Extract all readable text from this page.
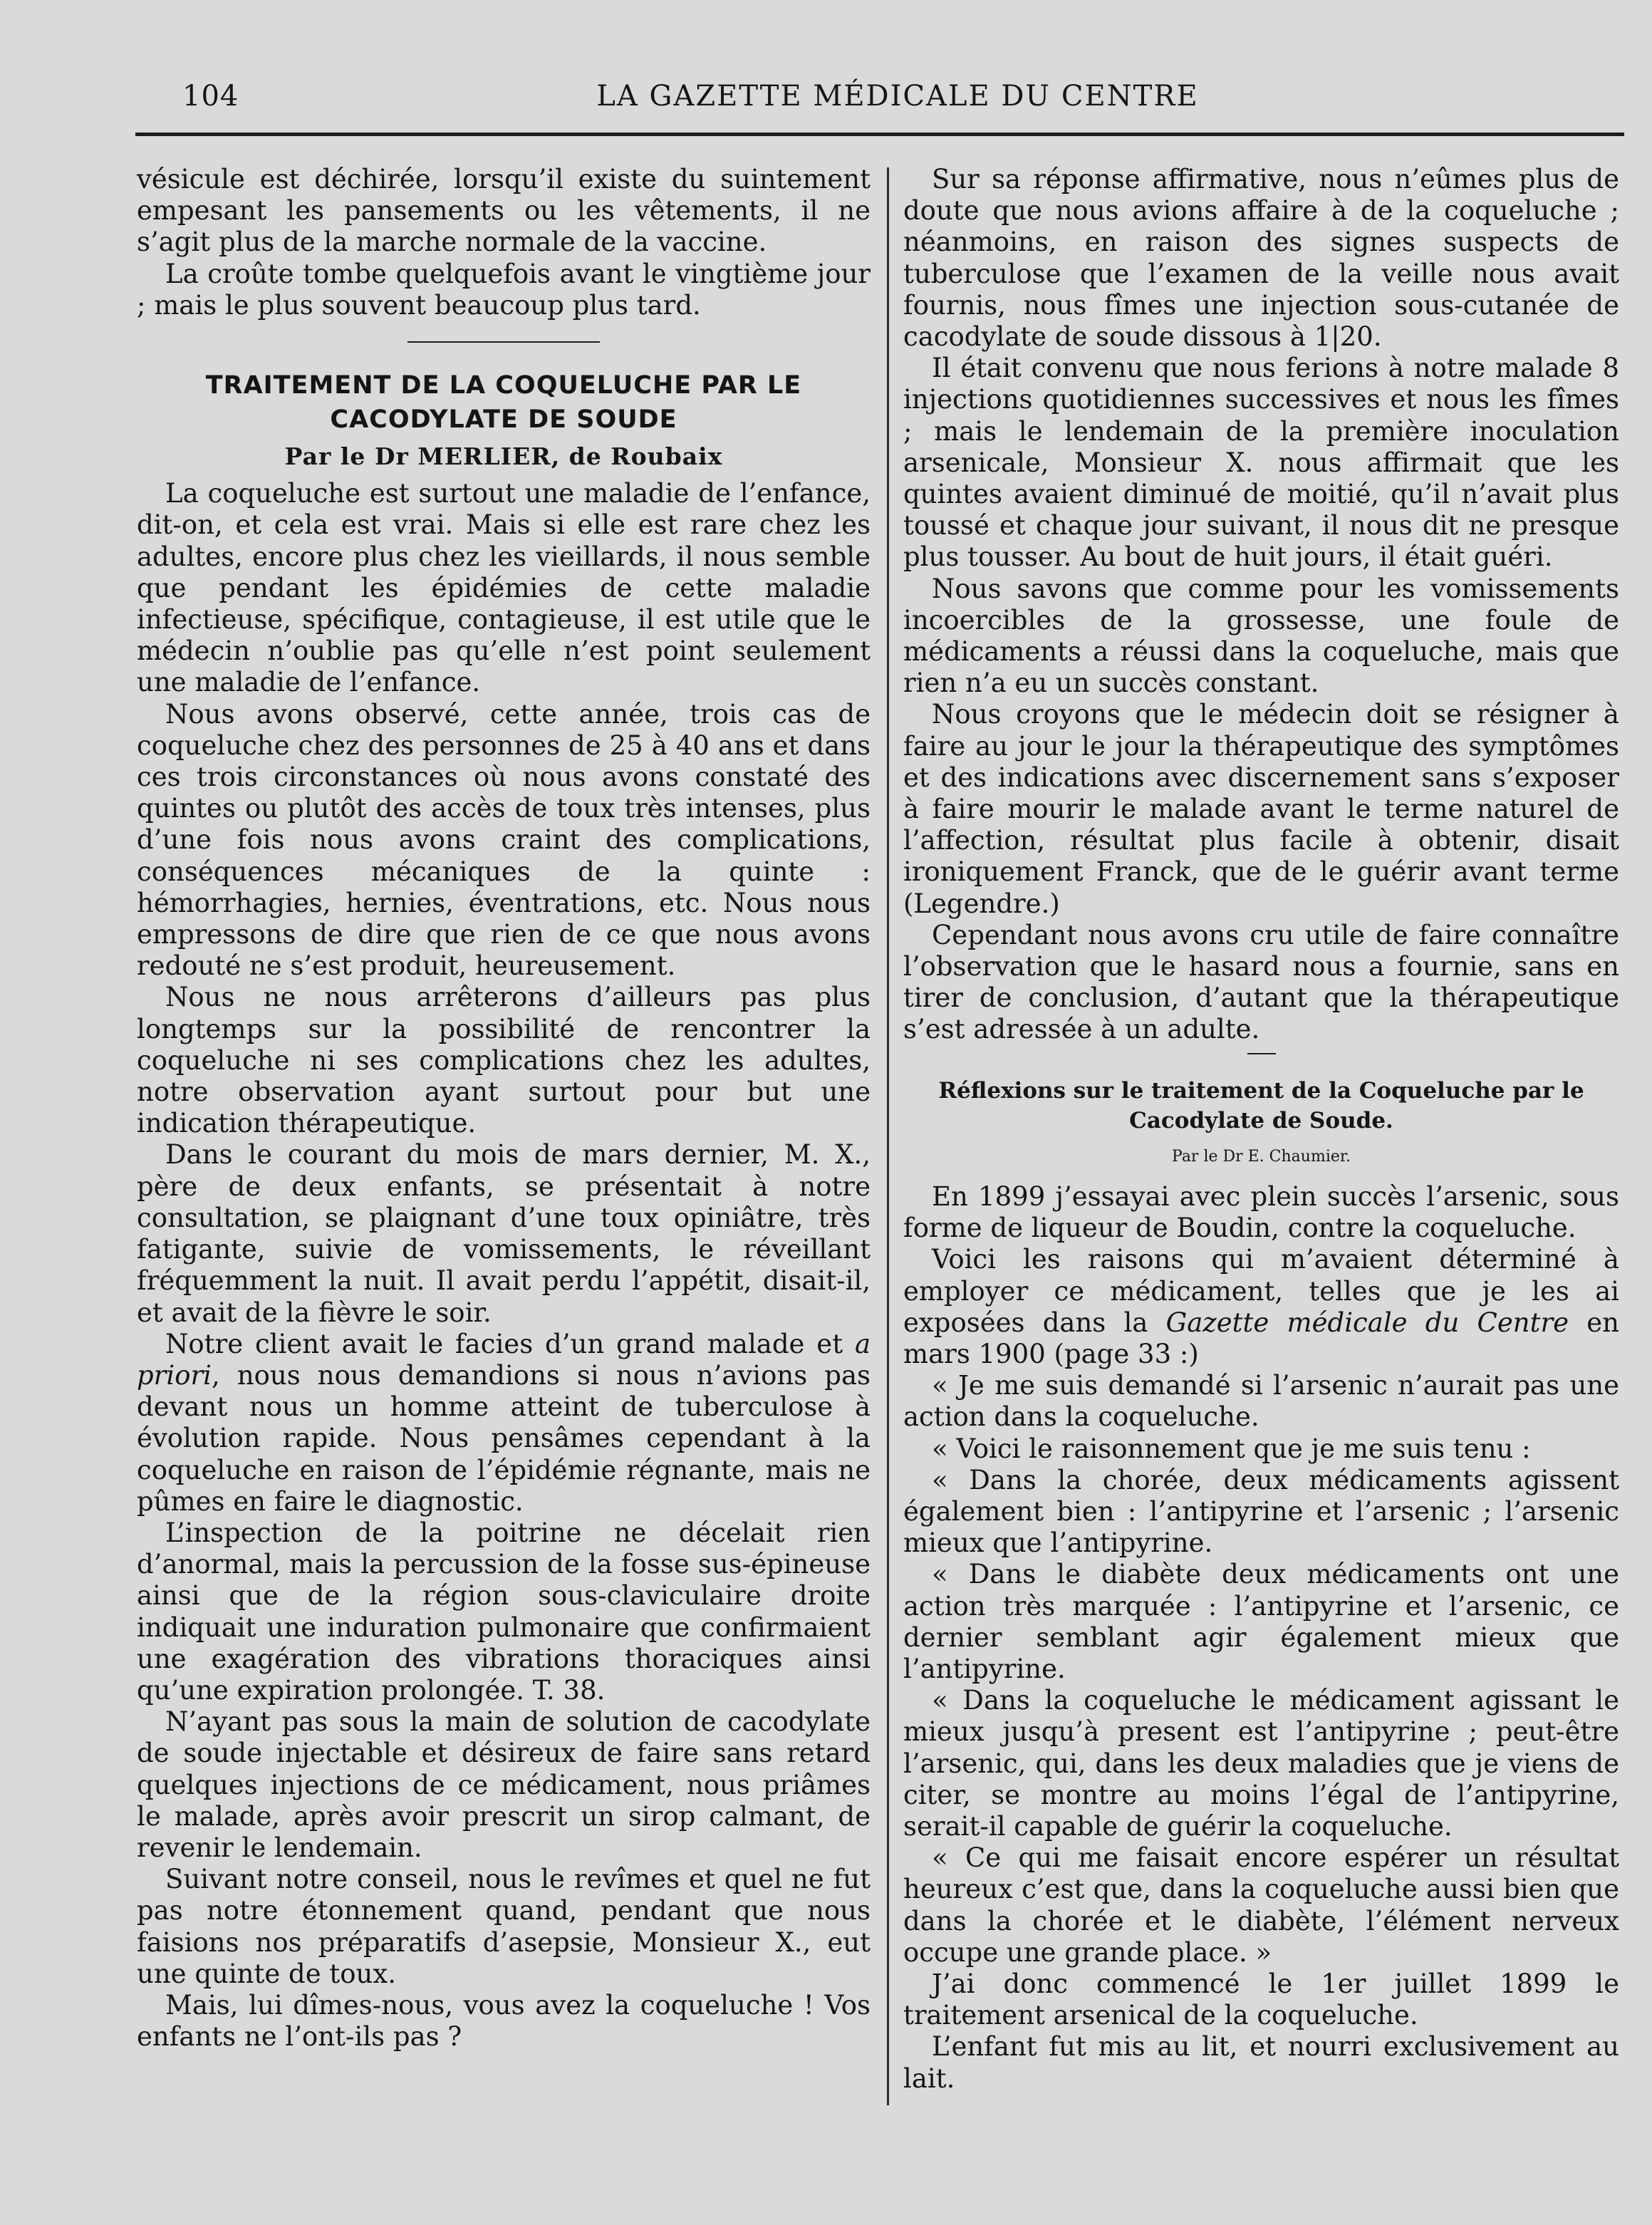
104	LA GAZETTE MÉDICALE DU CENTRE

vésicule est déchirée, lorsqu’il existe du suintement empesant les pansements ou les vêtements, il ne s’agit plus de la marche normale de la vaccine.

La croûte tombe quelquefois avant le vingtième jour ; mais le plus souvent beaucoup plus tard.

TRAITEMENT DE LA COQUELUCHE PAR LE CACODYLATE DE SOUDE
Par le Dr MERLIER, de Roubaix

La coqueluche est surtout une maladie de l’enfance, dit-on, et cela est vrai. Mais si elle est rare chez les adultes, encore plus chez les vieillards, il nous semble que pendant les épidémies de cette maladie infectieuse, spécifique, contagieuse, il est utile que le médecin n’oublie pas qu’elle n’est point seulement une maladie de l’enfance.

Nous avons observé, cette année, trois cas de coqueluche chez des personnes de 25 à 40 ans et dans ces trois circonstances où nous avons constaté des quintes ou plutôt des accès de toux très intenses, plus d’une fois nous avons craint des complications, conséquences mécaniques de la quinte : hémorrhagies, hernies, éventrations, etc. Nous nous empressons de dire que rien de ce que nous avons redouté ne s’est produit, heureusement.

Nous ne nous arrêterons d’ailleurs pas plus longtemps sur la possibilité de rencontrer la coqueluche ni ses complications chez les adultes, notre observation ayant surtout pour but une indication thérapeutique.

Dans le courant du mois de mars dernier, M. X., père de deux enfants, se présentait à notre consultation, se plaignant d’une toux opiniâtre, très fatigante, suivie de vomissements, le réveillant fréquemment la nuit. Il avait perdu l’appétit, disait-il, et avait de la fièvre le soir.

Notre client avait le facies d’un grand malade et a priori, nous nous demandions si nous n’avions pas devant nous un homme atteint de tuberculose à évolution rapide. Nous pensâmes cependant à la coqueluche en raison de l’épidémie régnante, mais ne pûmes en faire le diagnostic.

L’inspection de la poitrine ne décelait rien d’anormal, mais la percussion de la fosse sus-épineuse ainsi que de la région sous-claviculaire droite indiquait une induration pulmonaire que confirmaient une exagération des vibrations thoraciques ainsi qu’une expiration prolongée. T. 38.

N’ayant pas sous la main de solution de cacodylate de soude injectable et désireux de faire sans retard quelques injections de ce médicament, nous priâmes le malade, après avoir prescrit un sirop calmant, de revenir le lendemain.

Suivant notre conseil, nous le revîmes et quel ne fut pas notre étonnement quand, pendant que nous faisions nos préparatifs d’asepsie, Monsieur X., eut une quinte de toux.

Mais, lui dîmes-nous, vous avez la coqueluche ! Vos enfants ne l’ont-ils pas ?

Sur sa réponse affirmative, nous n’eûmes plus de doute que nous avions affaire à de la coqueluche ; néanmoins, en raison des signes suspects de tuberculose que l’examen de la veille nous avait fournis, nous fîmes une injection sous-cutanée de cacodylate de soude dissous à 1|20.

Il était convenu que nous ferions à notre malade 8 injections quotidiennes successives et nous les fîmes ; mais le lendemain de la première inoculation arsenicale, Monsieur X. nous affirmait que les quintes avaient diminué de moitié, qu’il n’avait plus toussé et chaque jour suivant, il nous dit ne presque plus tousser. Au bout de huit jours, il était guéri.

Nous savons que comme pour les vomissements incoercibles de la grossesse, une foule de médicaments a réussi dans la coqueluche, mais que rien n’a eu un succès constant.

Nous croyons que le médecin doit se résigner à faire au jour le jour la thérapeutique des symptômes et des indications avec discernement sans s’exposer à faire mourir le malade avant le terme naturel de l’affection, résultat plus facile à obtenir, disait ironiquement Franck, que de le guérir avant terme (Legendre.)

Cependant nous avons cru utile de faire connaître l’observation que le hasard nous a fournie, sans en tirer de conclusion, d’autant que la thérapeutique s’est adressée à un adulte.

Réflexions sur le traitement de la Coqueluche par le Cacodylate de Soude.
Par le Dr E. Chaumier.

En 1899 j’essayai avec plein succès l’arsenic, sous forme de liqueur de Boudin, contre la coqueluche.

Voici les raisons qui m’avaient déterminé à employer ce médicament, telles que je les ai exposées dans la Gazette médicale du Centre en mars 1900 (page 33 :)

« Je me suis demandé si l’arsenic n’aurait pas une action dans la coqueluche.

« Voici le raisonnement que je me suis tenu :

« Dans la chorée, deux médicaments agissent également bien : l’antipyrine et l’arsenic ; l’arsenic mieux que l’antipyrine.

« Dans le diabète deux médicaments ont une action très marquée : l’antipyrine et l’arsenic, ce dernier semblant agir également mieux que l’antipyrine.

« Dans la coqueluche le médicament agissant le mieux jusqu’à present est l’antipyrine ; peut-être l’arsenic, qui, dans les deux maladies que je viens de citer, se montre au moins l’égal de l’antipyrine, serait-il capable de guérir la coqueluche.

« Ce qui me faisait encore espérer un résultat heureux c’est que, dans la coqueluche aussi bien que dans la chorée et le diabète, l’élément nerveux occupe une grande place. »

J’ai donc commencé le 1er juillet 1899 le traitement arsenical de la coqueluche.

L’enfant fut mis au lit, et nourri exclusivement au lait.
